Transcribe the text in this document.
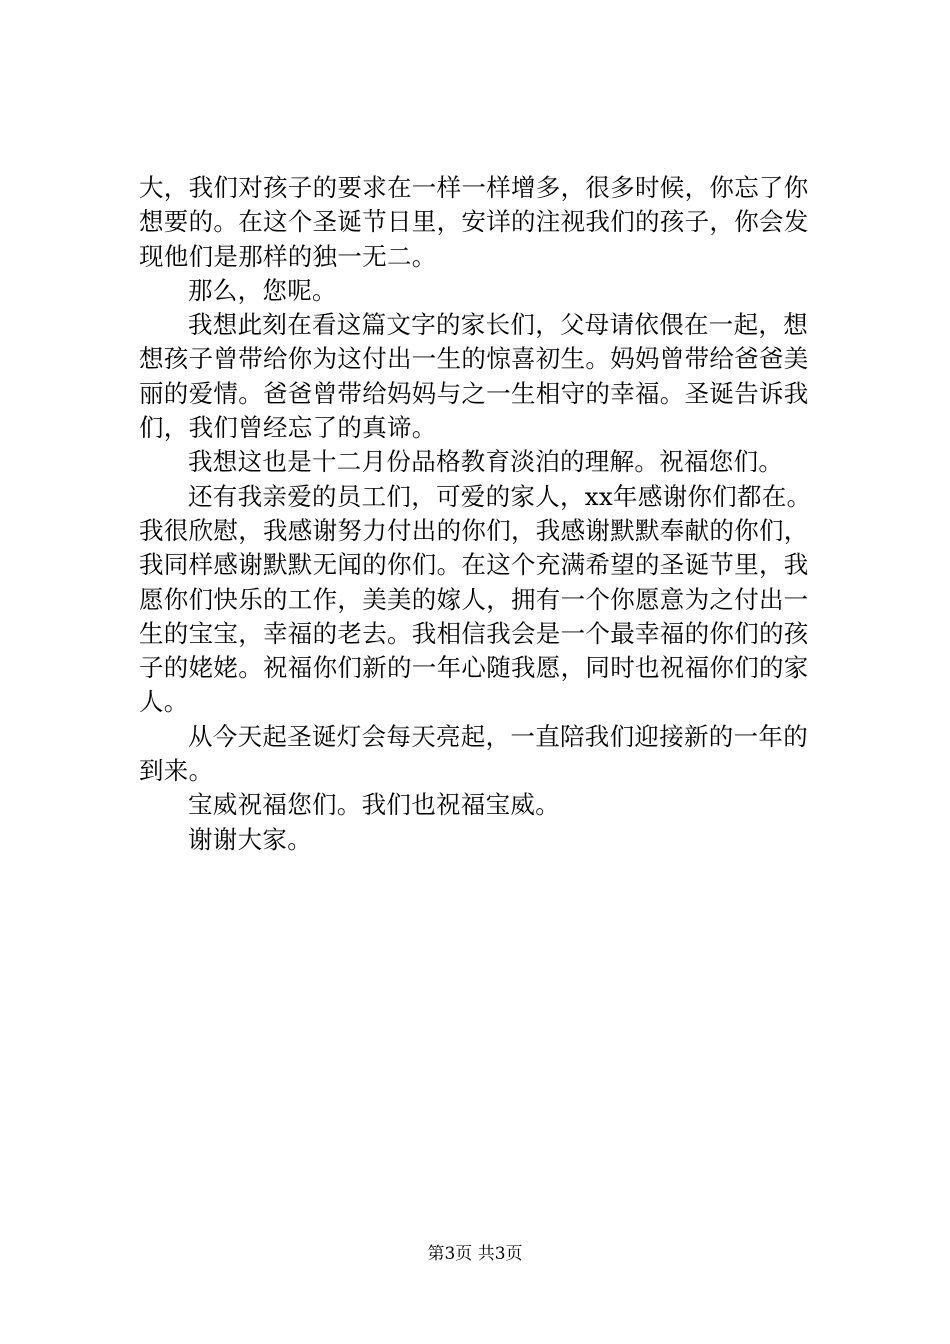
大，我们对孩子的要求在一样一样增多，很多时候，你忘了你想要的。在这个圣诞节日里，安详的注视我们的孩子，你会发现他们是那样的独一无二。

那么，您呢。

我想此刻在看这篇文字的家长们，父母请依偎在一起，想想孩子曾带给你为这付出一生的惊喜初生。妈妈曾带给爸爸美丽的爱情。爸爸曾带给妈妈与之一生相守的幸福。圣诞告诉我们，我们曾经忘了的真谛。

我想这也是十二月份品格教育淡泊的理解。祝福您们。

还有我亲爱的员工们，可爱的家人，xx年感谢你们都在。我很欣慰，我感谢努力付出的你们，我感谢默默奉献的你们，我同样感谢默默无闻的你们。在这个充满希望的圣诞节里，我愿你们快乐的工作，美美的嫁人，拥有一个你愿意为之付出一生的宝宝，幸福的老去。我相信我会是一个最幸福的你们的孩子的姥姥。祝福你们新的一年心随我愿，同时也祝福你们的家人。

从今天起圣诞灯会每天亮起，一直陪我们迎接新的一年的到来。

宝威祝福您们。我们也祝福宝威。

谢谢大家。

第3页 共3页
